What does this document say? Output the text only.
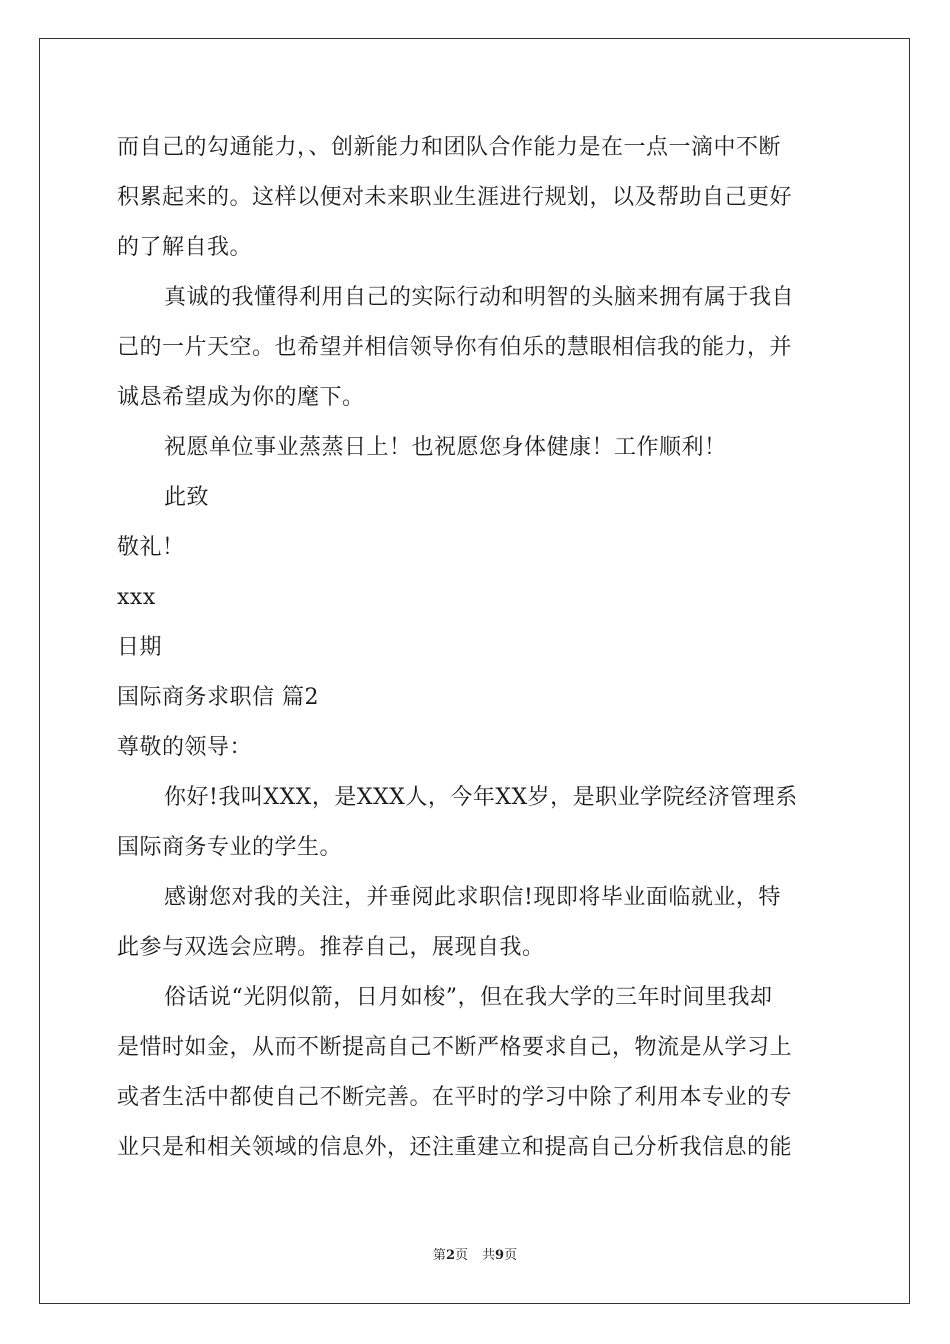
而自己的勾通能力，、创新能力和团队合作能力是在一点一滴中不断
积累起来的。这样以便对未来职业生涯进行规划，以及帮助自己更好
的了解自我。
真诚的我懂得利用自己的实际行动和明智的头脑来拥有属于我自
己的一片天空。也希望并相信领导你有伯乐的慧眼相信我的能力，并
诚恳希望成为你的麾下。
祝愿单位事业蒸蒸日上！也祝愿您身体健康！工作顺利！
此致
敬礼！
xxx
日期
国际商务求职信 篇2
尊敬的领导：
你好!我叫XXX，是XXX人，今年XX岁，是职业学院经济管理系
国际商务专业的学生。
感谢您对我的关注，并垂阅此求职信!现即将毕业面临就业，特
此参与双选会应聘。推荐自己，展现自我。
俗话说“光阴似箭，日月如梭”，但在我大学的三年时间里我却
是惜时如金，从而不断提高自己不断严格要求自己，物流是从学习上
或者生活中都使自己不断完善。在平时的学习中除了利用本专业的专
业只是和相关领域的信息外，还注重建立和提高自己分析我信息的能
第2页 共9页
